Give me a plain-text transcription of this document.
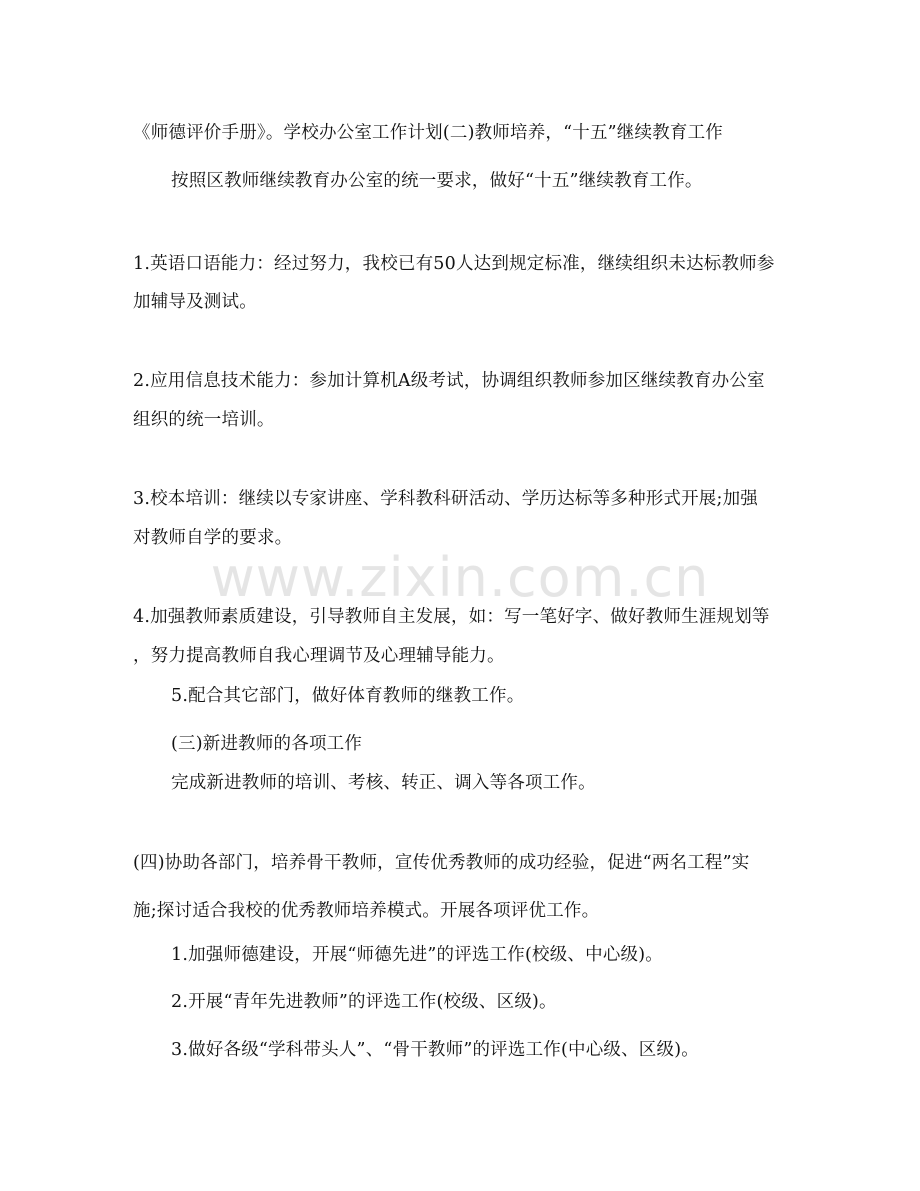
《师德评价手册》。学校办公室工作计划(二)教师培养，“十五”继续教育工作
按照区教师继续教育办公室的统一要求，做好“十五”继续教育工作。
1.英语口语能力：经过努力，我校已有50人达到规定标准，继续组织未达标教师参
加辅导及测试。
2.应用信息技术能力：参加计算机A级考试，协调组织教师参加区继续教育办公室
组织的统一培训。
3.校本培训：继续以专家讲座、学科教科研活动、学历达标等多种形式开展;加强
对教师自学的要求。
4.加强教师素质建设，引导教师自主发展，如：写一笔好字、做好教师生涯规划等
，努力提高教师自我心理调节及心理辅导能力。
5.配合其它部门，做好体育教师的继教工作。
(三)新进教师的各项工作
完成新进教师的培训、考核、转正、调入等各项工作。
(四)协助各部门，培养骨干教师，宣传优秀教师的成功经验，促进“两名工程”实
施;探讨适合我校的优秀教师培养模式。开展各项评优工作。
1.加强师德建设，开展“师德先进”的评选工作(校级、中心级)。
2.开展“青年先进教师”的评选工作(校级、区级)。
3.做好各级“学科带头人”、“骨干教师”的评选工作(中心级、区级)。
www.zixin.com.cn
